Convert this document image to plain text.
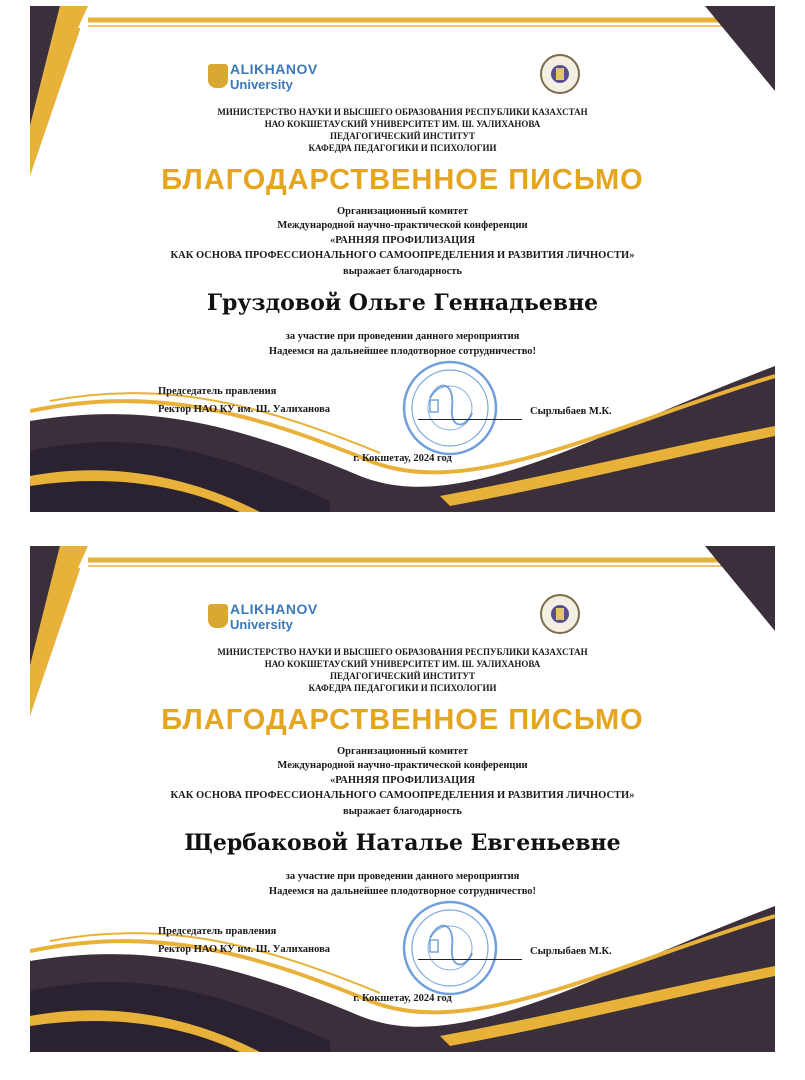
ALIKHANOV
University
МИНИСТЕРСТВО НАУКИ И ВЫСШЕГО ОБРАЗОВАНИЯ РЕСПУБЛИКИ КАЗАХСТАН
НАО КОКШЕТАУСКИЙ УНИВЕРСИТЕТ ИМ. Ш. УАЛИХАНОВА
ПЕДАГОГИЧЕСКИЙ ИНСТИТУТ
КАФЕДРА ПЕДАГОГИКИ И ПСИХОЛОГИИ
БЛАГОДАРСТВЕННОЕ ПИСЬМО
Организационный комитет
Международной научно-практической конференции
«РАННЯЯ ПРОФИЛИЗАЦИЯ
КАК ОСНОВА ПРОФЕССИОНАЛЬНОГО САМООПРЕДЕЛЕНИЯ И РАЗВИТИЯ ЛИЧНОСТИ»
выражает благодарность
Груздовой Ольге Геннадьевне
за участие при проведении данного мероприятия
Надеемся на дальнейшее плодотворное сотрудничество!
Председатель правления
Ректор НАО КУ им. Ш. Уалиханова	Сырлыбаев М.К.
г. Кокшетау, 2024 год
ALIKHANOV
University
МИНИСТЕРСТВО НАУКИ И ВЫСШЕГО ОБРАЗОВАНИЯ РЕСПУБЛИКИ КАЗАХСТАН
НАО КОКШЕТАУСКИЙ УНИВЕРСИТЕТ ИМ. Ш. УАЛИХАНОВА
ПЕДАГОГИЧЕСКИЙ ИНСТИТУТ
КАФЕДРА ПЕДАГОГИКИ И ПСИХОЛОГИИ
БЛАГОДАРСТВЕННОЕ ПИСЬМО
Организационный комитет
Международной научно-практической конференции
«РАННЯЯ ПРОФИЛИЗАЦИЯ
КАК ОСНОВА ПРОФЕССИОНАЛЬНОГО САМООПРЕДЕЛЕНИЯ И РАЗВИТИЯ ЛИЧНОСТИ»
выражает благодарность
Щербаковой Наталье Евгеньевне
за участие при проведении данного мероприятия
Надеемся на дальнейшее плодотворное сотрудничество!
Председатель правления
Ректор НАО КУ им. Ш. Уалиханова	Сырлыбаев М.К.
г. Кокшетау, 2024 год
